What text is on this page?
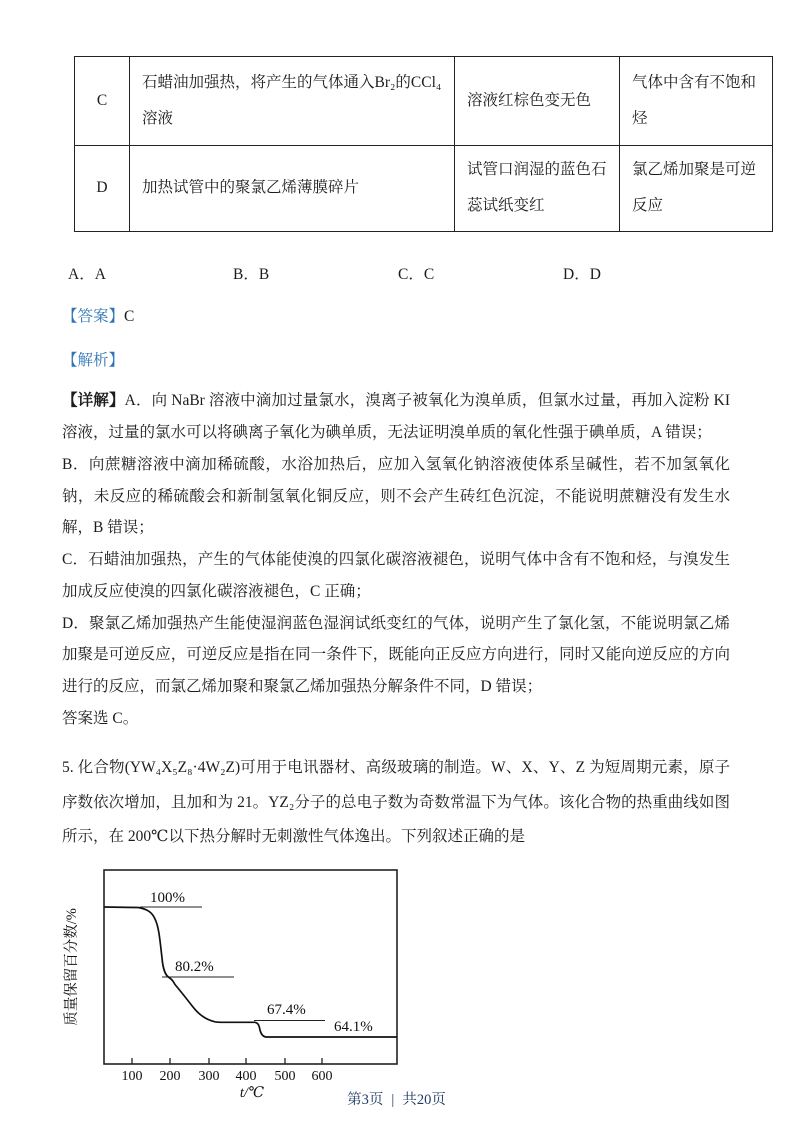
C	石蜡油加强热，将产生的气体通入Br₂的CCl₄溶液	溶液红棕色变无色	气体中含有不饱和烃
D	加热试管中的聚氯乙烯薄膜碎片	试管口润湿的蓝色石蕊试纸变红	氯乙烯加聚是可逆反应
A．A	B．B	C．C	D．D

【答案】C

【解析】

【详解】A．向 NaBr 溶液中滴加过量氯水，溴离子被氧化为溴单质，但氯水过量，再加入淀粉 KI 溶液，过量的氯水可以将碘离子氧化为碘单质，无法证明溴单质的氧化性强于碘单质，A 错误；

B．向蔗糖溶液中滴加稀硫酸，水浴加热后，应加入氢氧化钠溶液使体系呈碱性，若不加氢氧化钠，未反应的稀硫酸会和新制氢氧化铜反应，则不会产生砖红色沉淀，不能说明蔗糖没有发生水解，B 错误；

C．石蜡油加强热，产生的气体能使溴的四氯化碳溶液褪色，说明气体中含有不饱和烃，与溴发生加成反应使溴的四氯化碳溶液褪色，C 正确；

D．聚氯乙烯加强热产生能使湿润蓝色湿润试纸变红的气体，说明产生了氯化氢，不能说明氯乙烯加聚是可逆反应，可逆反应是指在同一条件下，既能向正反应方向进行，同时又能向逆反应的方向进行的反应，而氯乙烯加聚和聚氯乙烯加强热分解条件不同，D 错误；

答案选 C。

5. 化合物(YW₄X₅Z₈·4W₂Z)可用于电讯器材、高级玻璃的制造。W、X、Y、Z 为短周期元素，原子序数依次增加，且加和为 21。YZ₂分子的总电子数为奇数常温下为气体。该化合物的热重曲线如图所示，在 200℃以下热分解时无刺激性气体逸出。下列叙述正确的是

100%
80.2%
67.4%
64.1%
100 200 300 400 500 600
t/℃
质量保留百分数/%
第3页 | 共20页
